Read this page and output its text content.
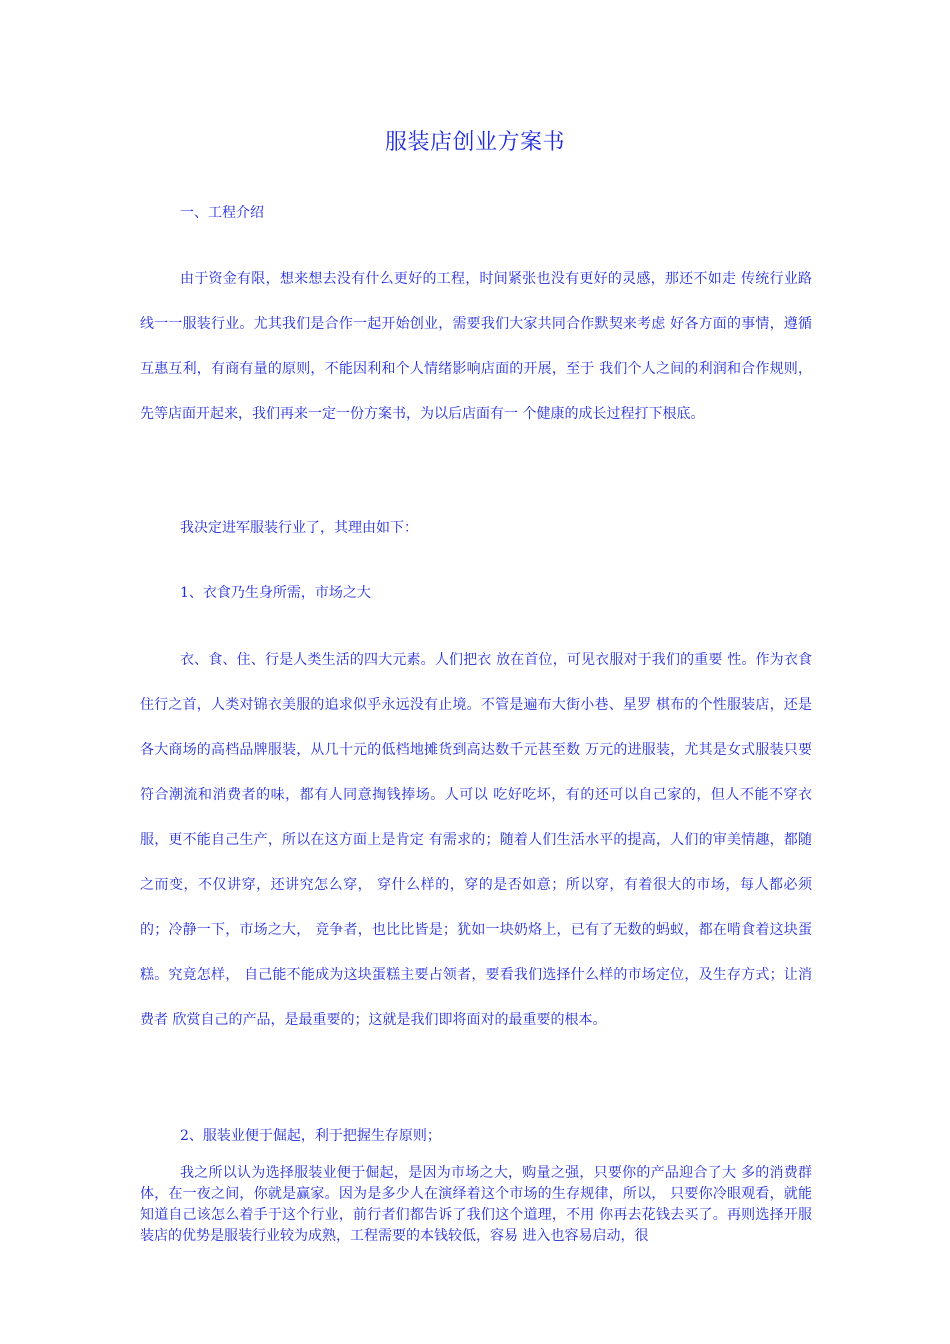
服装店创业方案书
一、工程介绍

由于资金有限，想来想去没有什么更好的工程，时间紧张也没有更好的灵感，那还不如走 传统行业路线一一服装行业。尤其我们是合作一起开始创业，需要我们大家共同合作默契来考虑 好各方面的事情，遵循互惠互利，有商有量的原则，不能因利和个人情绪影响店面的开展，至于 我们个人之间的利润和合作规则，先等店面开起来，我们再来一定一份方案书，为以后店面有一 个健康的成长过程打下根底。

我决定进军服装行业了，其理由如下：
1、衣食乃生身所需，市场之大

衣、食、住、行是人类生活的四大元素。人们把衣 放在首位，可见衣服对于我们的重要 性。作为衣食住行之首，人类对锦衣美服的追求似乎永远没有止境。不管是遍布大街小巷、星罗 棋布的个性服装店，还是各大商场的高档品牌服装，从几十元的低档地摊货到高达数千元甚至数 万元的进服装，尤其是女式服装只要符合潮流和消费者的味，都有人同意掏钱捧场。人可以 吃好吃坏，有的还可以自己家的，但人不能不穿衣服，更不能自己生产，所以在这方面上是肯定 有需求的；随着人们生活水平的提高，人们的审美情趣，都随之而变，不仅讲穿，还讲究怎么穿， 穿什么样的，穿的是否如意；所以穿，有着很大的市场，每人都必须的；冷静一下，市场之大， 竞争者，也比比皆是；犹如一块奶烙上，已有了无数的蚂蚁，都在啃食着这块蛋糕。究竟怎样， 自己能不能成为这块蛋糕主要占领者，要看我们选择什么样的市场定位，及生存方式；让消费者 欣赏自己的产品，是最重要的；这就是我们即将面对的最重要的根本。

2、服装业便于倔起，利于把握生存原则；

我之所以认为选择服装业便于倔起，是因为市场之大，购量之强，只要你的产品迎合了大 多的消费群体，在一夜之间，你就是赢家。因为是多少人在演绎着这个市场的生存规律，所以， 只要你冷眼观看，就能知道自己该怎么着手于这个行业，前行者们都告诉了我们这个道理，不用 你再去花钱去买了。再则选择开服装店的优势是服装行业较为成熟，工程需要的本钱较低，容易 进入也容易启动，很
